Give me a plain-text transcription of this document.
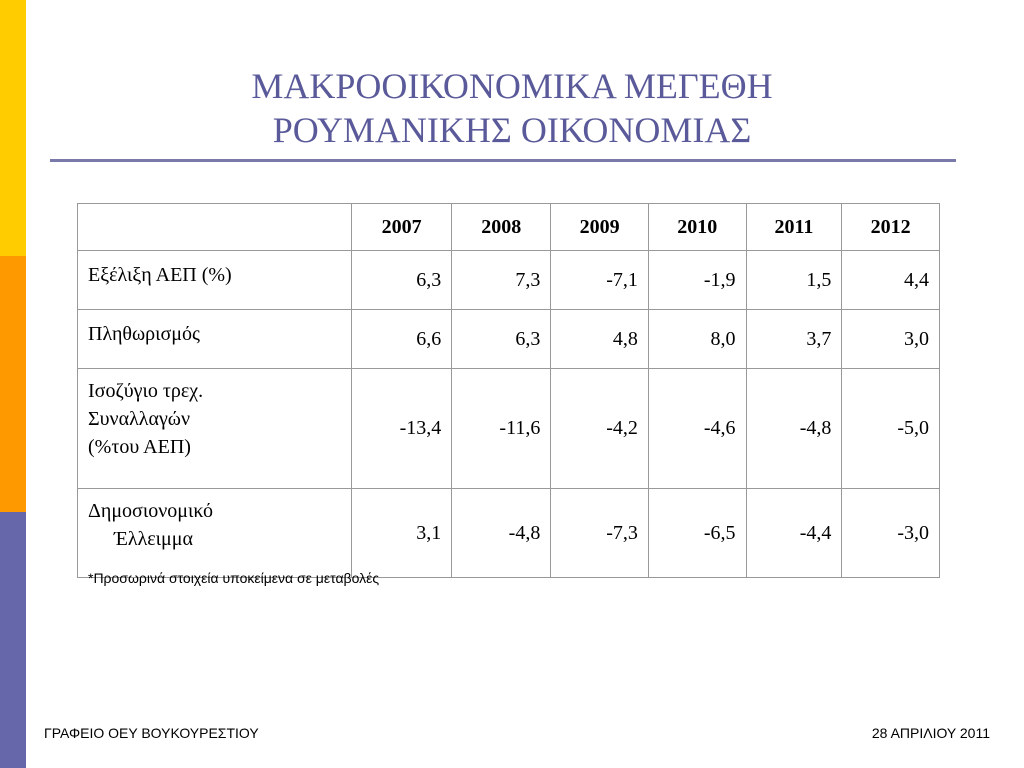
ΜΑΚΡΟΟΙΚΟΝΟΜΙΚΑ ΜΕΓΕΘΗ
ΡΟΥΜΑΝΙΚΗΣ ΟΙΚΟΝΟΜΙΑΣ
	2007	2008	2009	2010	2011	2012

Εξέλιξη ΑΕΠ (%)	6,3	7,3	-7,1	-1,9	1,5	4,4

Πληθωρισμός	6,6	6,3	4,8	8,0	3,7	3,0

Ισοζύγιο τρεχ.
Συναλλαγών
(%του ΑΕΠ)	-13,4	-11,6	-4,2	-4,6	-4,8	-5,0

Δημοσιονομικό
Έλλειμμα	3,1	-4,8	-7,3	-6,5	-4,4	-3,0
*Προσωρινά στοιχεία υποκείμενα σε μεταβολές
ΓΡΑΦΕΙΟ ΟΕΥ ΒΟΥΚΟΥΡΕΣΤΙΟΥ	28 ΑΠΡΙΛΙΟΥ 2011
